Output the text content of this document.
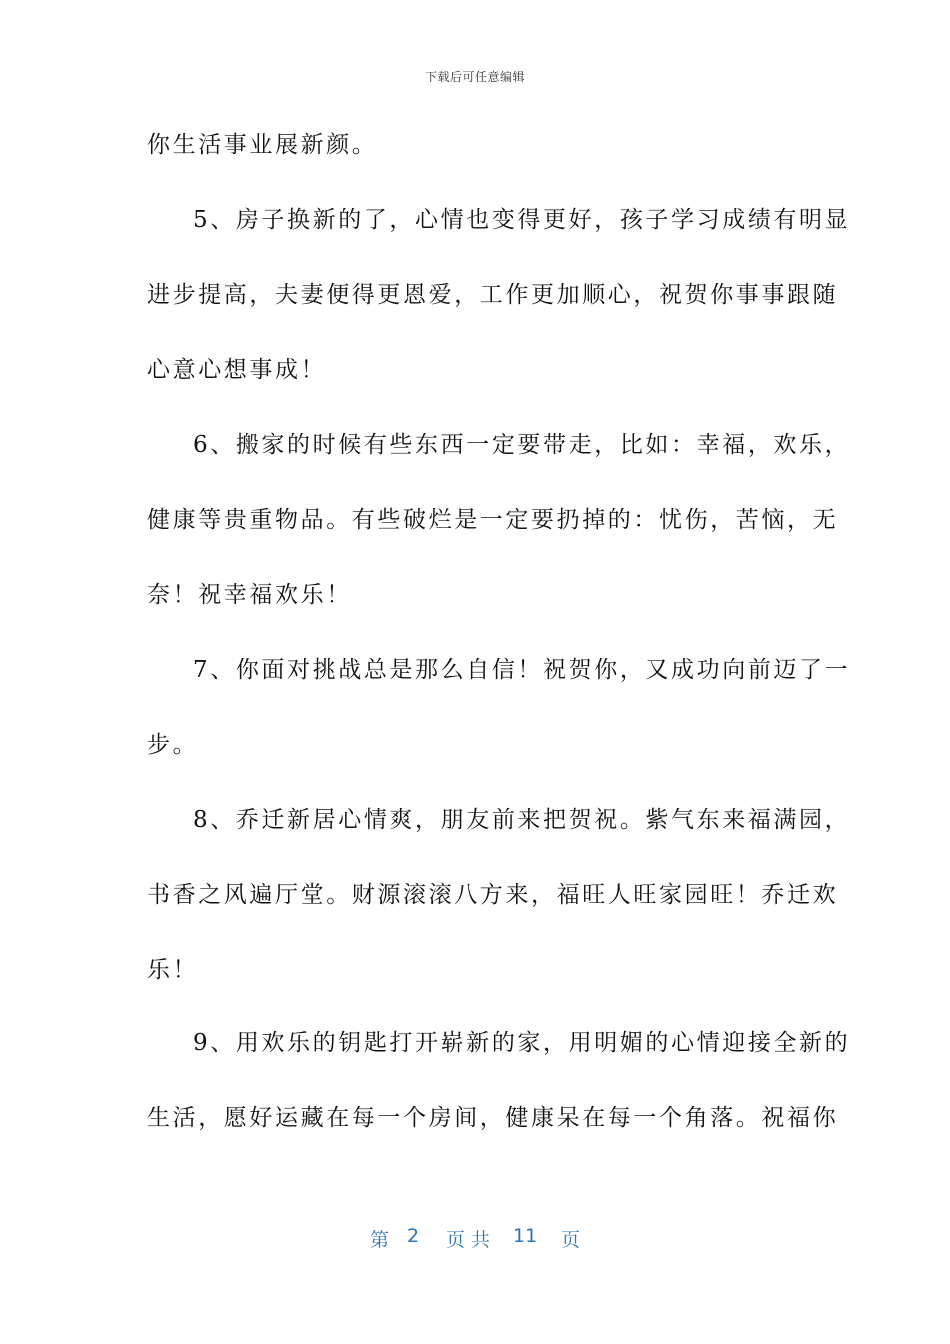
下载后可任意编辑
你生活事业展新颜。
5、房子换新的了，心情也变得更好，孩子学习成绩有明显
进步提高，夫妻便得更恩爱，工作更加顺心，祝贺你事事跟随
心意心想事成！
6、搬家的时候有些东西一定要带走，比如：幸福，欢乐，
健康等贵重物品。有些破烂是一定要扔掉的：忧伤，苦恼，无
奈！祝幸福欢乐！
7、你面对挑战总是那么自信！祝贺你，又成功向前迈了一
步。
8、乔迁新居心情爽，朋友前来把贺祝。紫气东来福满园，
书香之风遍厅堂。财源滚滚八方来，福旺人旺家园旺！乔迁欢
乐！
9、用欢乐的钥匙打开崭新的家，用明媚的心情迎接全新的
生活，愿好运藏在每一个房间，健康呆在每一个角落。祝福你
第 2 页 共 11 页
